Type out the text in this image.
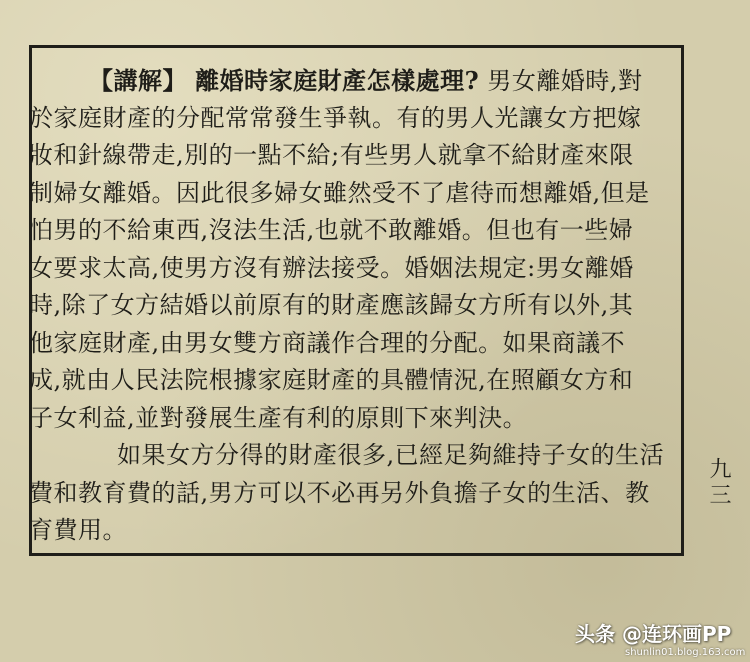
【講解】 離婚時家庭財產怎樣處理? 男女離婚時,對
於家庭財產的分配常常發生爭執。有的男人光讓女方把嫁
妝和針線帶走,別的一點不給;有些男人就拿不給財產來限
制婦女離婚。因此很多婦女雖然受不了虐待而想離婚,但是
怕男的不給東西,沒法生活,也就不敢離婚。但也有一些婦
女要求太高,使男方沒有辦法接受。婚姻法規定:男女離婚
時,除了女方結婚以前原有的財產應該歸女方所有以外,其
他家庭財產,由男女雙方商議作合理的分配。如果商議不
成,就由人民法院根據家庭財產的具體情況,在照顧女方和
子女利益,並對發展生產有利的原則下來判決。
如果女方分得的財產很多,已經足夠維持子女的生活
費和教育費的話,男方可以不必再另外負擔子女的生活、教
育費用。
九三
头条 @连环画PP
shunlin01.blog.163.com
